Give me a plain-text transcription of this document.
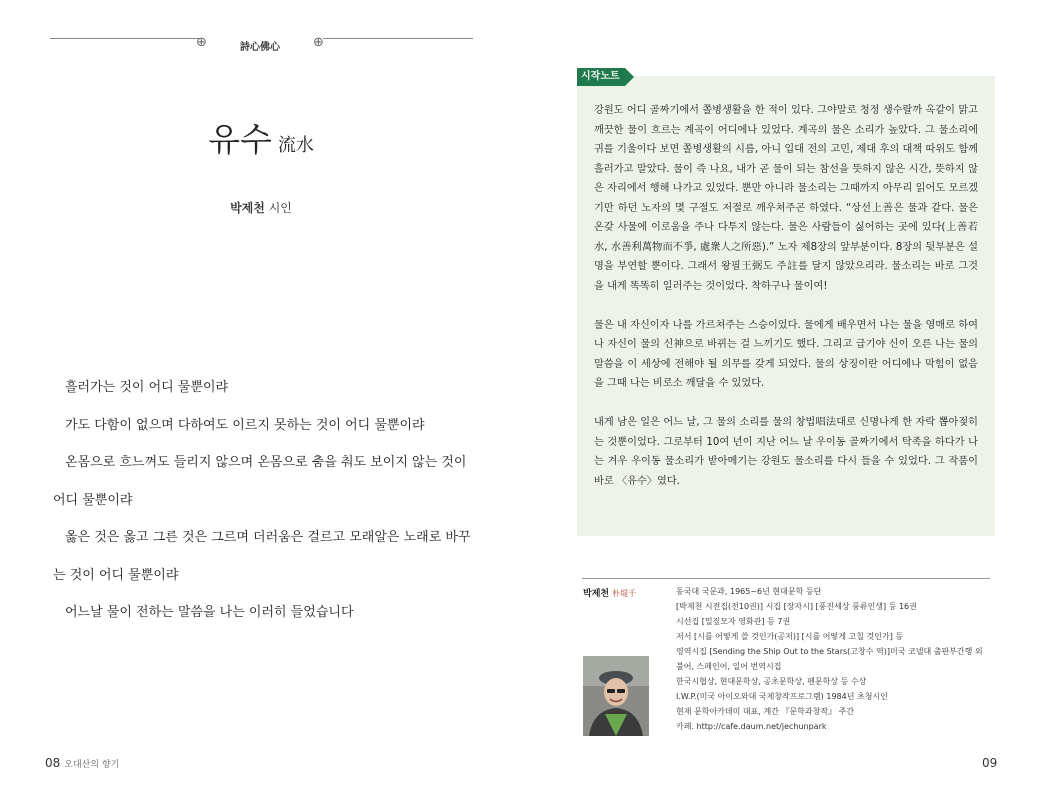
⊕	⊕
詩心佛心
유수 流水
박제천 시인

흘러가는 것이 어디 물뿐이랴

가도 다함이 없으며 다하여도 이르지 못하는 것이 어디 물뿐이랴

온몸으로 흐느껴도 들리지 않으며 온몸으로 춤을 춰도 보이지 않는 것이 어디 물뿐이랴

옳은 것은 옳고 그른 것은 그르며 더러움은 걸르고 모래알은 노래로 바꾸는 것이 어디 물뿐이랴

어느날 물이 전하는 말씀을 나는 이러히 들었습니다

08 오대산의 향기
시작노트

강원도 어디 골짜기에서 쫄병생활을 한 적이 있다. 그야말로 청정 생수랄까 옥같이 맑고 깨끗한 물이 흐르는 계곡이 어디에나 있었다. 계곡의 물은 소리가 높았다. 그 물소리에 귀를 기울이다 보면 쫄병생활의 시름, 아니 입대 전의 고민, 제대 후의 대책 따위도 함께 흘러가고 말았다. 물이 즉 나요, 내가 곧 물이 되는 참선을 뜻하지 않은 시간, 뜻하지 않은 자리에서 행해 나가고 있었다. 뿐만 아니라 물소리는 그때까지 아무리 읽어도 모르겠기만 하던 노자의 몇 구절도 저절로 깨우쳐주곤 하였다. “상선上善은 물과 같다. 물은 온갖 사물에 이로움을 주나 다투지 않는다. 물은 사람들이 싫어하는 곳에 있다(上善若水, 水善利萬物而不爭, 處衆人之所惡).” 노자 제8장의 앞부분이다. 8장의 뒷부분은 설명을 부연할 뿐이다. 그래서 왕필王弼도 주註를 달지 않았으리라. 물소리는 바로 그것을 내게 똑똑히 일러주는 것이었다. 착하구나 물이여!

물은 내 자신이자 나를 가르쳐주는 스승이었다. 물에게 배우면서 나는 물을 영매로 하여 나 자신이 물의 신神으로 바뀌는 걸 느끼기도 했다. 그리고 급기야 신이 오른 나는 물의 말씀을 이 세상에 전해야 될 의무를 갖게 되었다. 물의 상징이란 어디에나 막힘이 없음을 그때 나는 비로소 깨달을 수 있었다.

내게 남은 일은 어느 날, 그 물의 소리를 물의 창법唱法대로 신명나게 한 자락 뽑아젖히는 것뿐이었다. 그로부터 10여 년이 지난 어느 날 우이동 골짜기에서 탁족을 하다가 나는 겨우 우이동 물소리가 받아메기는 강원도 물소리를 다시 들을 수 있었다. 그 작품이 바로 〈유수〉였다.

박제천 朴堤千	동국대 국문과, 1965~6년 현대문학 등단
[박제천 시전집(전10권)] 시집 [장자시] [풍진세상 풍류인생] 등 16권
시선집 [밀짚모자 영화관] 등 7권
저서 [시를 어떻게 쓸 것인가(공저)] [시를 어떻게 고칠 것인가] 등
영역시집 [Sending the Ship Out to the Stars(고창수 역)]미국 코넬대 출판부간행 외
불어, 스페인어, 일어 번역시집
한국시협상, 현대문학상, 공초문학상, 펜문학상 등 수상
I.W.P.(미국 아이오와대 국제창작프로그램) 1984년 초청시인
현재 문학아카데미 대표, 계간 『문학과창작』 주간
카페. http://cafe.daum.net/jechunpark
09
